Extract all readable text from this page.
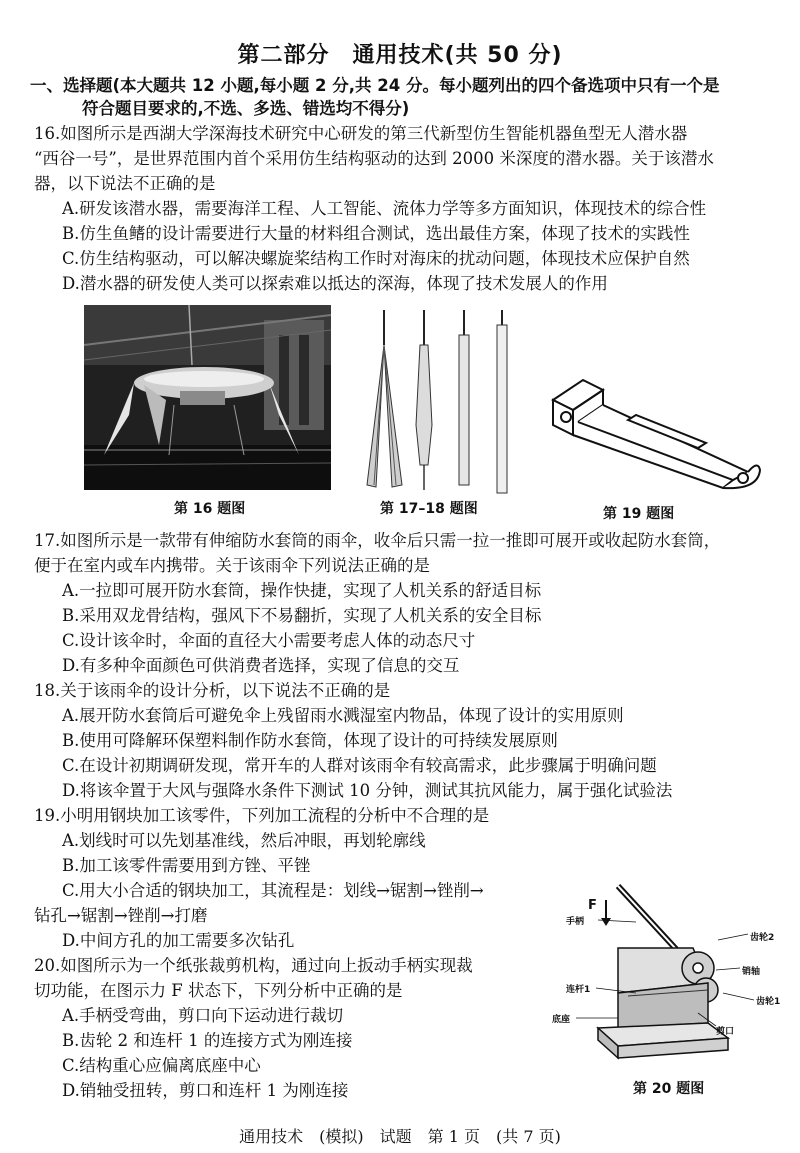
第二部分　通用技术(共 50 分)
一、选择题(本大题共 12 小题,每小题 2 分,共 24 分。每小题列出的四个备选项中只有一个是
符合题目要求的,不选、多选、错选均不得分)
16.如图所示是西湖大学深海技术研究中心研发的第三代新型仿生智能机器鱼型无人潜水器
“西谷一号”，是世界范围内首个采用仿生结构驱动的达到 2000 米深度的潜水器。关于该潜水
器，以下说法不正确的是
A.研发该潜水器，需要海洋工程、人工智能、流体力学等多方面知识，体现技术的综合性
B.仿生鱼鳍的设计需要进行大量的材料组合测试，选出最佳方案，体现了技术的实践性
C.仿生结构驱动，可以解决螺旋桨结构工作时对海床的扰动问题，体现技术应保护自然
D.潜水器的研发使人类可以探索难以抵达的深海，体现了技术发展人的作用
第 16 题图	第 17–18 题图	第 19 题图
17.如图所示是一款带有伸缩防水套筒的雨伞，收伞后只需一拉一推即可展开或收起防水套筒，
便于在室内或车内携带。关于该雨伞下列说法正确的是
A.一拉即可展开防水套筒，操作快捷，实现了人机关系的舒适目标
B.采用双龙骨结构，强风下不易翻折，实现了人机关系的安全目标
C.设计该伞时，伞面的直径大小需要考虑人体的动态尺寸
D.有多种伞面颜色可供消费者选择，实现了信息的交互
18.关于该雨伞的设计分析，以下说法不正确的是
A.展开防水套筒后可避免伞上残留雨水溅湿室内物品，体现了设计的实用原则
B.使用可降解环保塑料制作防水套筒，体现了设计的可持续发展原则
C.在设计初期调研发现，常开车的人群对该雨伞有较高需求，此步骤属于明确问题
D.将该伞置于大风与强降水条件下测试 10 分钟，测试其抗风能力，属于强化试验法
19.小明用钢块加工该零件，下列加工流程的分析中不合理的是
A.划线时可以先划基准线，然后冲眼，再划轮廓线
B.加工该零件需要用到方锉、平锉
C.用大小合适的钢块加工，其流程是：划线→锯割→锉削→
钻孔→锯割→锉削→打磨
D.中间方孔的加工需要多次钻孔
20.如图所示为一个纸张裁剪机构，通过向上扳动手柄实现裁
切功能，在图示力 F 状态下，下列分析中正确的是
A.手柄受弯曲，剪口向下运动进行裁切
B.齿轮 2 和连杆 1 的连接方式为刚连接
C.结构重心应偏离底座中心
D.销轴受扭转，剪口和连杆 1 为刚连接
F
手柄
齿轮2
销轴
连杆1
齿轮1
底座
剪口
第 20 题图
通用技术　(模拟)　试题　第 1 页　(共 7 页)
